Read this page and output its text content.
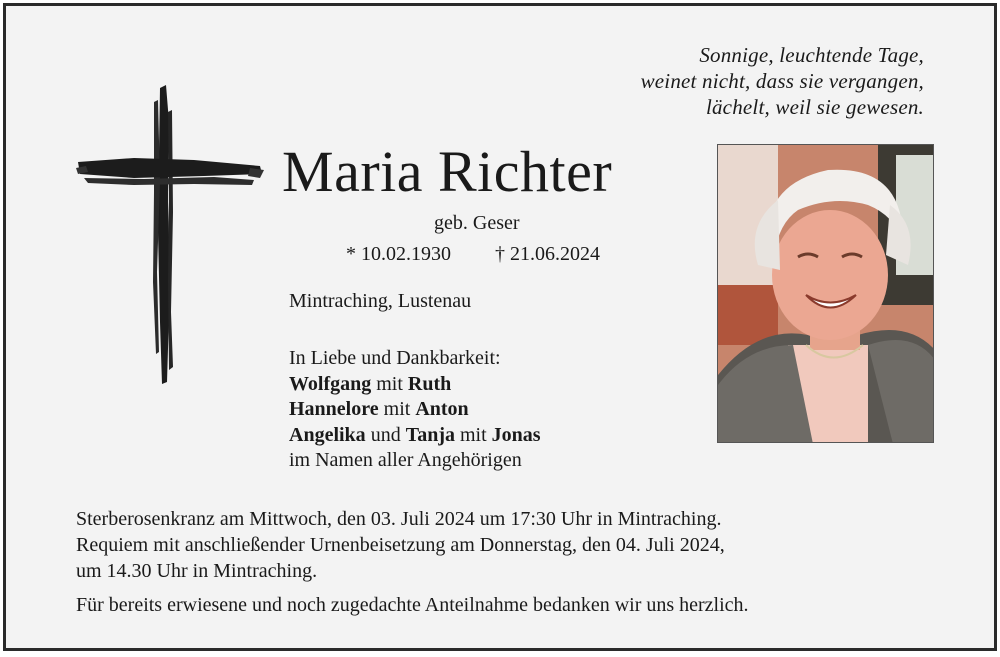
Sonnige, leuchtende Tage,
weinet nicht, dass sie vergangen,
lächelt, weil sie gewesen.
Maria Richter
geb. Geser
* 10.02.1930 † 21.06.2024
Mintraching, Lustenau
In Liebe und Dankbarkeit:
Wolfgang mit Ruth
Hannelore mit Anton
Angelika und Tanja mit Jonas
im Namen aller Angehörigen
Sterberosenkranz am Mittwoch, den 03. Juli 2024 um 17:30 Uhr in Mintraching.
Requiem mit anschließender Urnenbeisetzung am Donnerstag, den 04. Juli 2024,
um 14.30 Uhr in Mintraching.
Für bereits erwiesene und noch zugedachte Anteilnahme bedanken wir uns herzlich.
